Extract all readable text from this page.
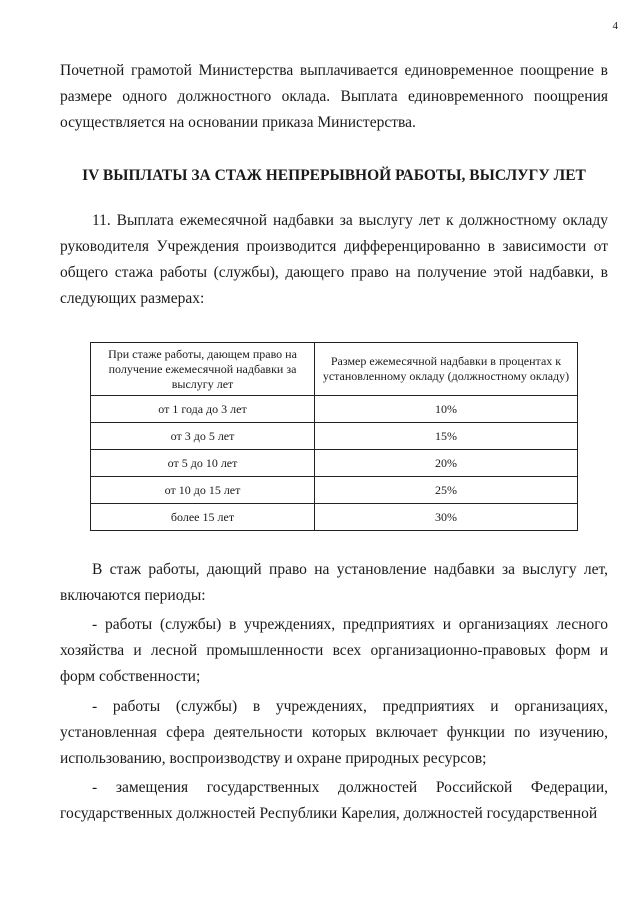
4

Почетной грамотой Министерства выплачивается единовременное поощрение в размере одного должностного оклада. Выплата единовременного поощрения осуществляется на основании приказа Министерства.

IV ВЫПЛАТЫ ЗА СТАЖ НЕПРЕРЫВНОЙ РАБОТЫ, ВЫСЛУГУ ЛЕТ

11. Выплата ежемесячной надбавки за выслугу лет к должностному окладу руководителя Учреждения производится дифференцированно в зависимости от общего стажа работы (службы), дающего право на получение этой надбавки, в следующих размерах:

При стаже работы, дающем право на получение ежемесячной надбавки за выслугу лет	Размер ежемесячной надбавки в процентах к установленному окладу (должностному окладу)
от 1 года до 3 лет	10%
от 3 до 5 лет	15%
от 5 до 10 лет	20%
от 10 до 15 лет	25%
более 15 лет	30%

В стаж работы, дающий право на установление надбавки за выслугу лет, включаются периоды:

- работы (службы) в учреждениях, предприятиях и организациях лесного хозяйства и лесной промышленности всех организационно-правовых форм и форм собственности;

- работы (службы) в учреждениях, предприятиях и организациях, установленная сфера деятельности которых включает функции по изучению, использованию, воспроизводству и охране природных ресурсов;

- замещения государственных должностей Российской Федерации, государственных должностей Республики Карелия, должностей государственной
